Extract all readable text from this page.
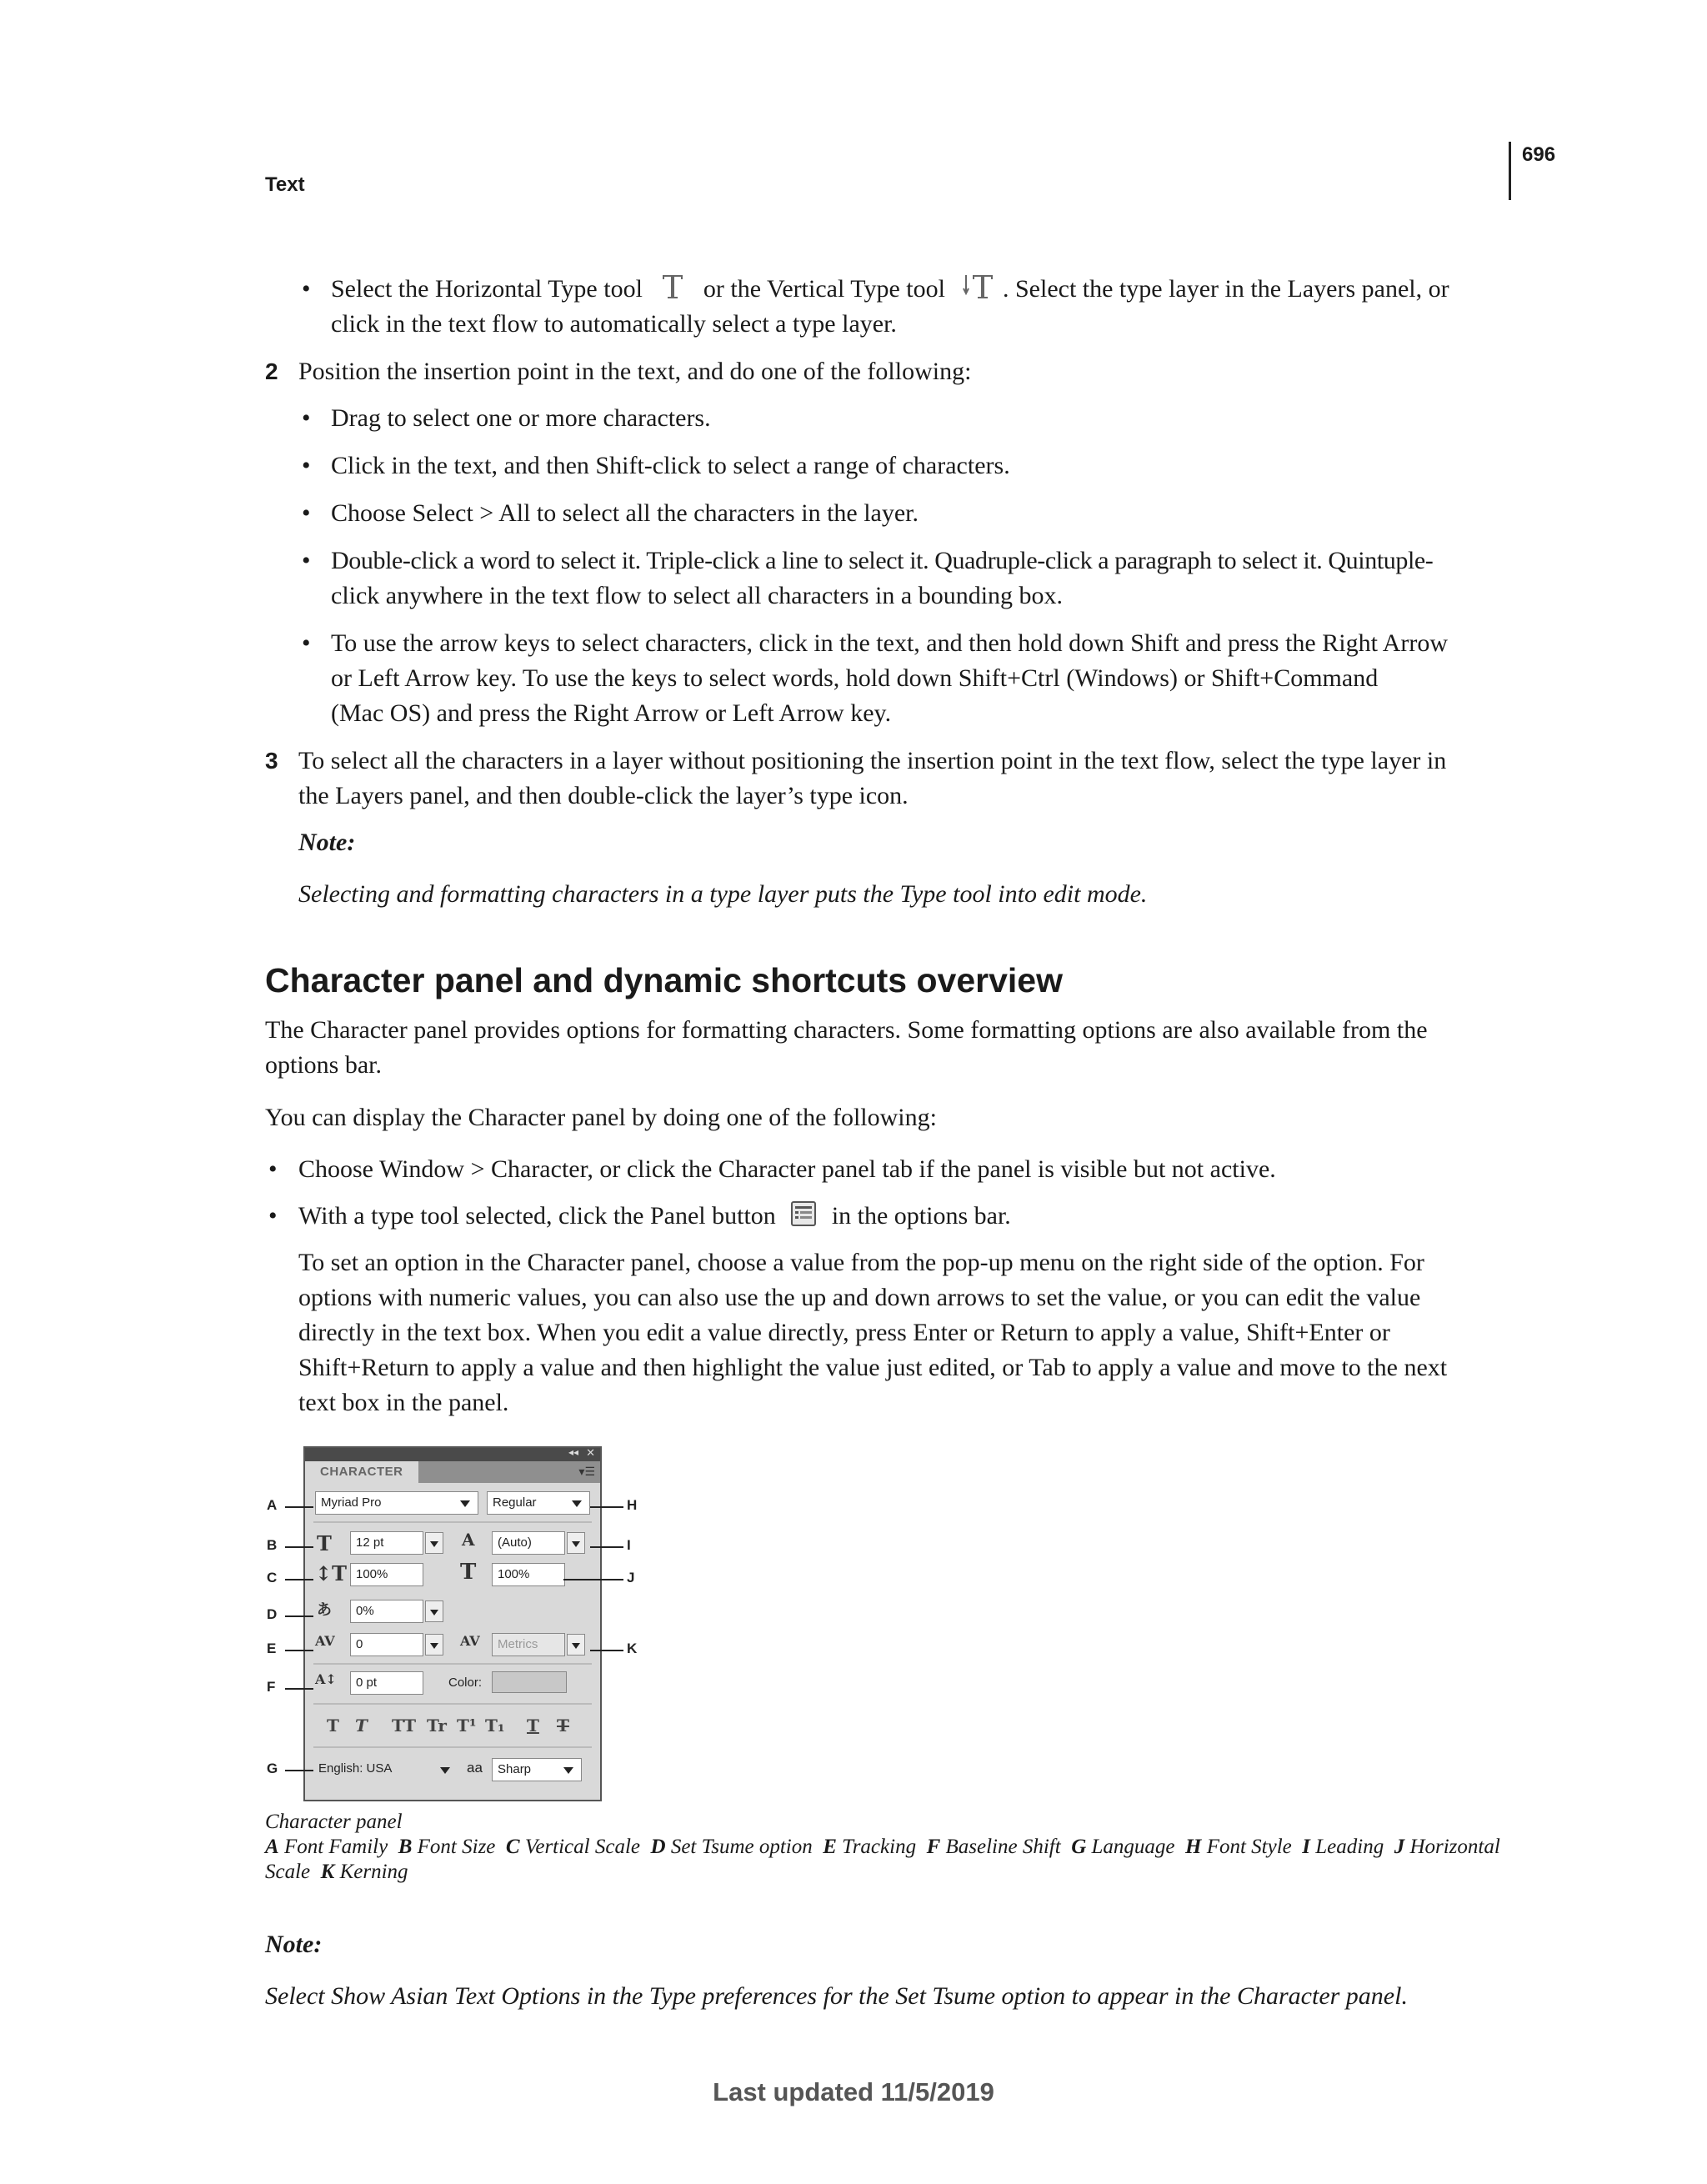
Text
696
• Select the Horizontal Type tool or the Vertical Type tool . Select the type layer in the Layers panel, or
click in the text flow to automatically select a type layer.
2 Position the insertion point in the text, and do one of the following:
• Drag to select one or more characters.
• Click in the text, and then Shift-click to select a range of characters.
• Choose Select > All to select all the characters in the layer.
• Double-click a word to select it. Triple-click a line to select it. Quadruple-click a paragraph to select it. Quintuple-
click anywhere in the text flow to select all characters in a bounding box.
• To use the arrow keys to select characters, click in the text, and then hold down Shift and press the Right Arrow
or Left Arrow key. To use the keys to select words, hold down Shift+Ctrl (Windows) or Shift+Command
(Mac OS) and press the Right Arrow or Left Arrow key.
3 To select all the characters in a layer without positioning the insertion point in the text flow, select the type layer in
the Layers panel, and then double-click the layer’s type icon.
Note:
Selecting and formatting characters in a type layer puts the Type tool into edit mode.
Character panel and dynamic shortcuts overview
The Character panel provides options for formatting characters. Some formatting options are also available from the
options bar.
You can display the Character panel by doing one of the following:
• Choose Window > Character, or click the Character panel tab if the panel is visible but not active.
• With a type tool selected, click the Panel button in the options bar.
To set an option in the Character panel, choose a value from the pop-up menu on the right side of the option. For
options with numeric values, you can also use the up and down arrows to set the value, or you can edit the value
directly in the text box. When you edit a value directly, press Enter or Return to apply a value, Shift+Enter or
Shift+Return to apply a value and then highlight the value just edited, or Tab to apply a value and move to the next
text box in the panel.
◂◂ ✕
CHARACTER	▾☰
Myriad Pro	Regular
T	12 pt	A	(Auto)
↕T 100%	T	100%
あ	0%
AV	0	AV	Metrics
A↕	0 pt	Color:
English: USA	aa	Sharp
T T TT Tr T¹ T₁ T T
A
B
C
D
E
F
G
H
I
J
K
Character panel
A Font Family B Font Size C Vertical Scale D Set Tsume option E Tracking F Baseline Shift G Language H Font Style I Leading J Horizontal
Scale K Kerning
Note:
Select Show Asian Text Options in the Type preferences for the Set Tsume option to appear in the Character panel.
Last updated 11/5/2019
